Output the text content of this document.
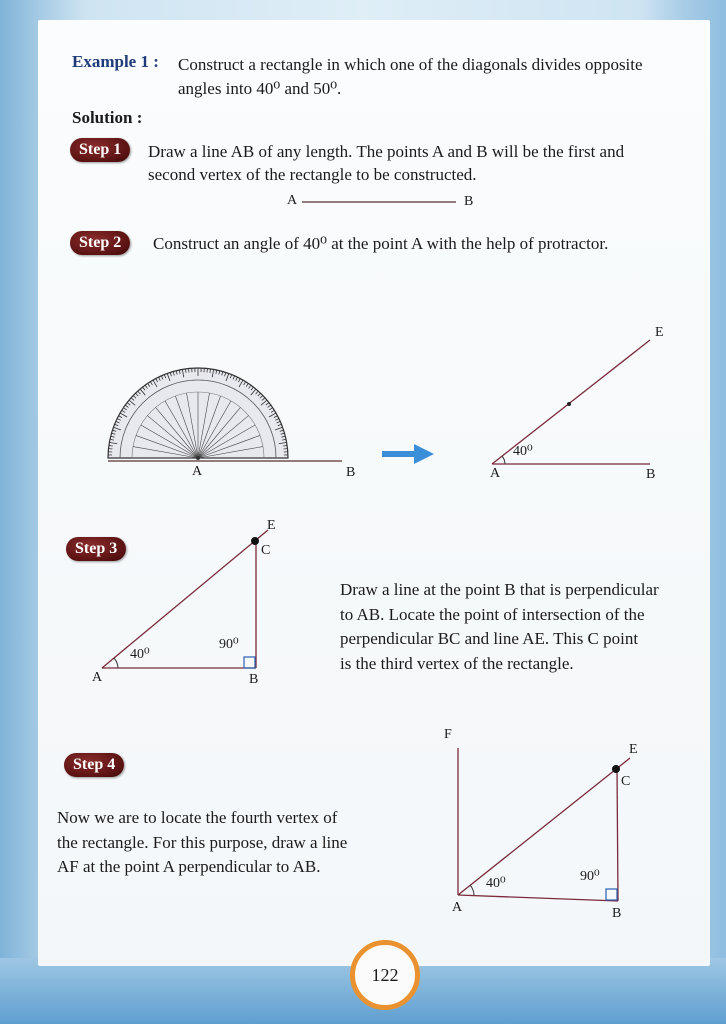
Example 1 : Construct a rectangle in which one of the diagonals divides opposite
angles into 40⁰ and 50⁰.
Solution :
Step 1	Draw a line AB of any length. The points A and B will be the first and
second vertex of the rectangle to be constructed.
A	B
Step 2	Construct an angle of 40⁰ at the point A with the help of protractor.
Step 3
Draw a line at the point B that is perpendicular
to AB. Locate the point of intersection of the
perpendicular BC and line AE. This C point
is the third vertex of the rectangle.
Step 4
Now we are to locate the fourth vertex of
the rectangle. For this purpose, draw a line
AF at the point A perpendicular to AB.
A	B	A	B
E
40⁰
A	B
C
E
40⁰
90⁰
A	B
C
E
F
40⁰	90⁰
122
